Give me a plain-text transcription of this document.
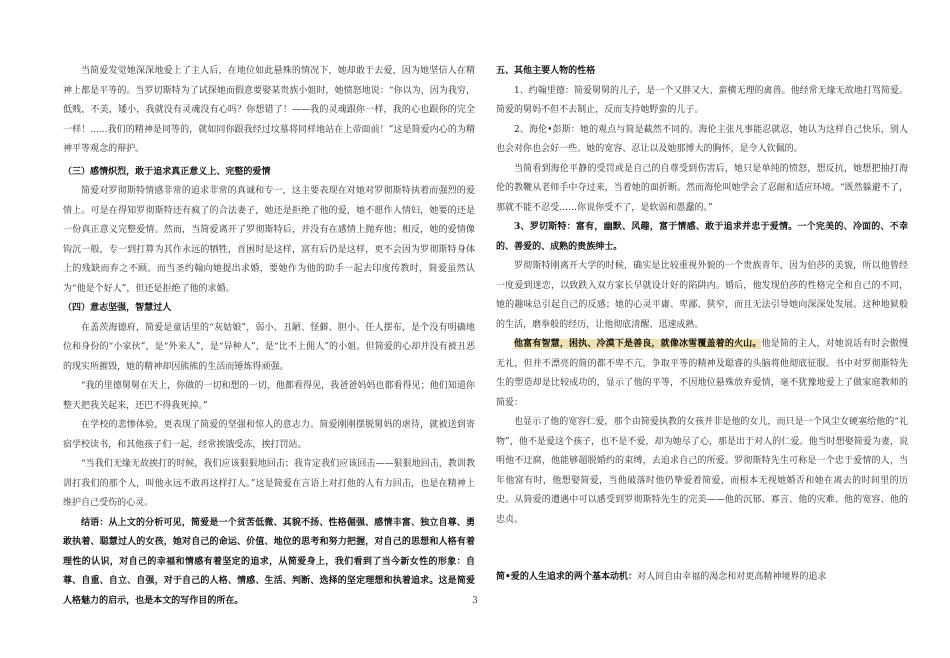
当简爱发觉她深深地爱上了主人后，在地位如此悬殊的情况下，她却敢于去爱，因为她坚信人在精神上都是平等的。当罗切斯特为了试探她而假意要娶某贵族小姐时，她愤怒地说：“你以为，因为我穷，低贱，不美，矮小，我就没有灵魂没有心吗？你想错了！——我的灵魂跟你一样，我的心也跟你的完全一样！......我们的精神是同等的，就如同你跟我经过坟墓将同样地站在上帝面前！”这是简爱内心的为精神平等观念的辩护。

（三）感情炽烈，敢于追求真正意义上、完整的爱情

简爱对罗彻斯特情感非常的追求非常的真诚和专一，这主要表现在对她对罗彻斯特执着而强烈的爱情上。可是在得知罗彻斯特还有疯了的合法妻子，她还是拒绝了他的爱，她不愿作人情妇，她要的还是一份真正意义完整爱情。然而，当简爱离开了罗彻斯特后，并没有在感情上抛弃他；相反，她的爱情像钩沉一般，专一到打算为其作永远的牺牲，首困时是这样，富有后仍是这样，更不会因为罗彻斯特身体上的残缺而弃之不顾。而当圣约翰向她提出求婚，要她作为他的助手一起去印度传教时，简爱虽然认为“他是个好人”，但还是拒绝了他的求婚。

（四）意志坚强，智慧过人

在盖茨海德府，简爱是童话里的“灰姑娘”，弱小、丑陋、怪僻、胆小、任人摆布，是个没有明确地位和身份的“小家伙”，是“外来人”，是“异种人”，是“比不上佣人”的小姐。但简爱的心却并没有被丑恶的现实所摧毁，她的精神却因熊熊的生活而锤炼得顽强。

“我的里德舅舅在天上，你做的一切和想的一切，他都看得见，我爸爸妈妈也都看得见；他们知道你整天把我关起来，还巴不得我死掉。”

在学校的悲惨体验，更表现了简爱的坚强和惊人的意志力。简爱刚刚摆脱舅妈的虐待，就被送到寄宿学校读书，和其他孩子们一起，经常挨饿受冻，挨打罚站。

“当我们无缘无故挨打的时候，我们应该狠狠地回击；我肯定我们应该回击——狠狠地回击，教训教训打我们的那个人，叫他永远不敢再这样打人。”这是简爱在言语上对打他的人有力回击，也是在精神上维护自己受伤的心灵。

结语：从上文的分析可见，简爱是一个贫苦低微、其貌不扬、性格倔强、感情丰富、独立自尊、勇敢执着、聪慧过人的女孩，她对自己的命运、价值、地位的思考和努力把握，对自己的思想和人格有着理性的认识，对自己的幸福和情感有着坚定的追求，从简爱身上，我们看到了当今新女性的形象：自尊、自重、自立、自强，对于自己的人格、情感、生活、判断、选择的坚定理想和执着追求。这是简爱人格魅力的启示，也是本文的写作目的所在。

五、其他主要人物的性格

1、约翰里德：简爱舅舅的儿子，是一个又胖又大、蛮横无理的禽兽。他经常无缘无故地打骂简爱。简爱的舅妈不但不去制止，反而支持她野蛮的儿子。

2、海伦•彭斯：她的观点与简是截然不同的。海伦主张凡事能忍就忍，她认为这样自己快乐，别人也会对你也会好一些。她的宽容、忍让以及她那博大的胸怀，是令人钦佩的。

当简看到海伦平静的受罚或是自己的自尊受到伤害后，她只是单纯的愤怒，想反抗，她想把抽打海伦的教鞭从老师手中夺过来，当着她的面折断。然而海伦叫她学会了忍耐和适应环境。“既然躲避不了，那就不能不忍受……你说你受不了，是软弱和愚蠢的。”

3、罗切斯特：富有，幽默、风趣，富于情感、敢于追求并忠于爱情。一个完美的、冷面的、不幸的、善爱的、成熟的贵族绅士。

罗彻斯特刚离开大学的时候，确实是比较重视外貌的一个贵族青年，因为伯莎的美貌，所以他曾经一度爱到迷恋，以致跌入双方家长早就设计好的陷阱内。婚后，他发现伯莎的性格完全和自己的不同，她的趣味总引起自己的反感；她的心灵平庸、卑鄙、狭窄，而且无法引导她向深深处发展。这种地狱般的生活，磨拳般的经历，让他彻底清醒、迅速成熟。

他富有智慧，困执、冷漠下是善良，就像冰雪覆盖着的火山。他是简的主人，对她说话有时会傲慢无礼，但并不漂亮的简的都不卑不亢，争取平等的精神及聪睿的头脑将他彻底征服。书中对罗彻斯特先生的塑造却是比较成功的，显示了他的平等，不因地位悬殊放弃爱情，毫不犹豫地爱上了做家庭教师的简爱：

也显示了他的宽容仁爱，那个由简爱执教的女孩并非是他的女儿，而只是一个风尘女硬塞给他的“礼物”，他不是爱这个孩子，也不是不爱，却为她尽了心，那是出于对人的仁爱。他当时想娶简爱为妻，说明他不迂腐，他能够超脱婚约的束缚，去追求自己的所爱。罗彻斯特先生可称是一个忠于爱情的人，当年他富有时，他想娶简爱，当他破落时他仍挚爱着简爱，而根本无视她婚否和她在离去的时间里的历史。从简爱的遭遇中可以感受到罗彻斯特先生的完美——他的沉郁、寡言、他的灾难、他的宽容、他的忠贞。

简•爱的人生追求的两个基本动机：对人间自由幸福的渴念和对更高精神境界的追求

3
